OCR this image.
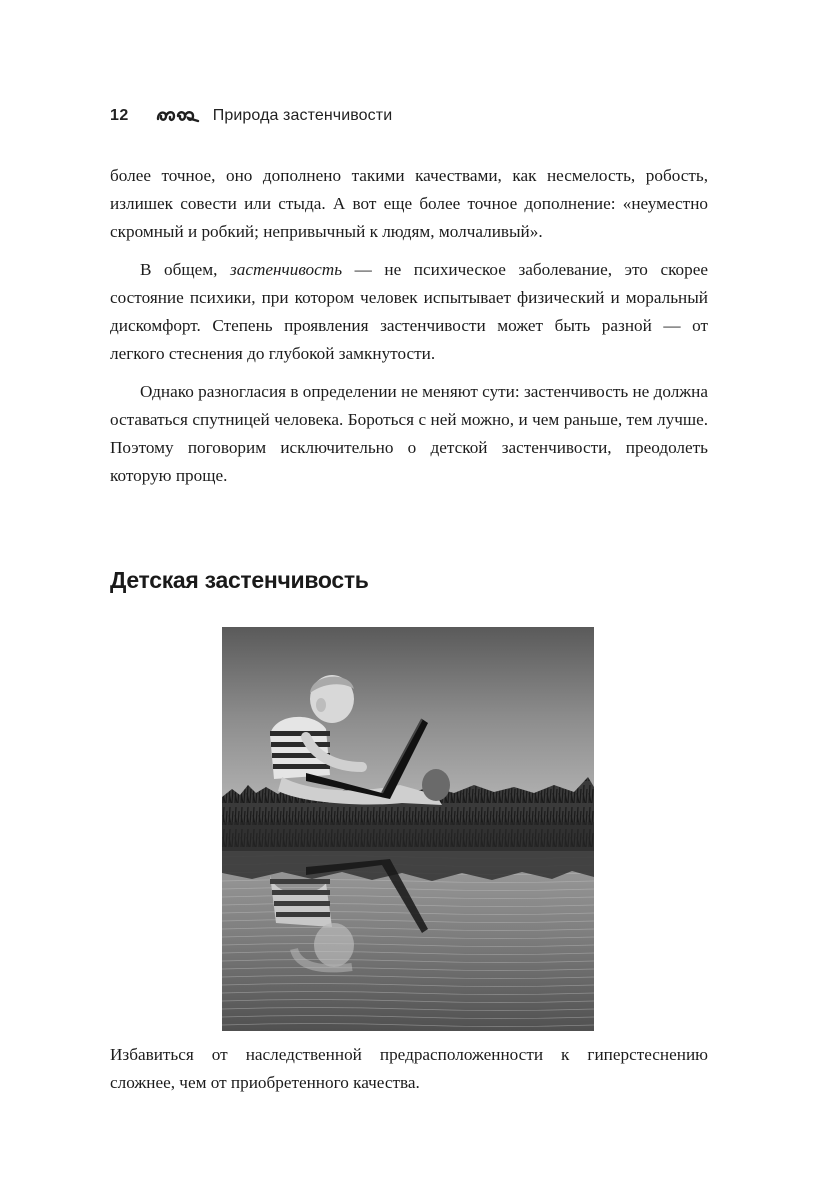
12	Природа застенчивости

более точное, оно дополнено такими качествами, как несмелость, робость, излишек совести или стыда. А вот еще более точное дополнение: «неуместно скромный и робкий; непривычный к людям, молчаливый».

В общем, застенчивость — не психическое заболевание, это скорее состояние психики, при котором человек испытывает физический и моральный дискомфорт. Степень проявления застенчивости может быть разной — от легкого стеснения до глубокой замкнутости.

Однако разногласия в определении не меняют сути: застенчивость не должна оставаться спутницей человека. Бороться с ней можно, и чем раньше, тем лучше. Поэтому поговорим исключительно о детской застенчивости, преодолеть которую проще.

Детская застенчивость

Избавиться от наследственной предрасположенности к гиперстеснению сложнее, чем от приобретенного качества.
